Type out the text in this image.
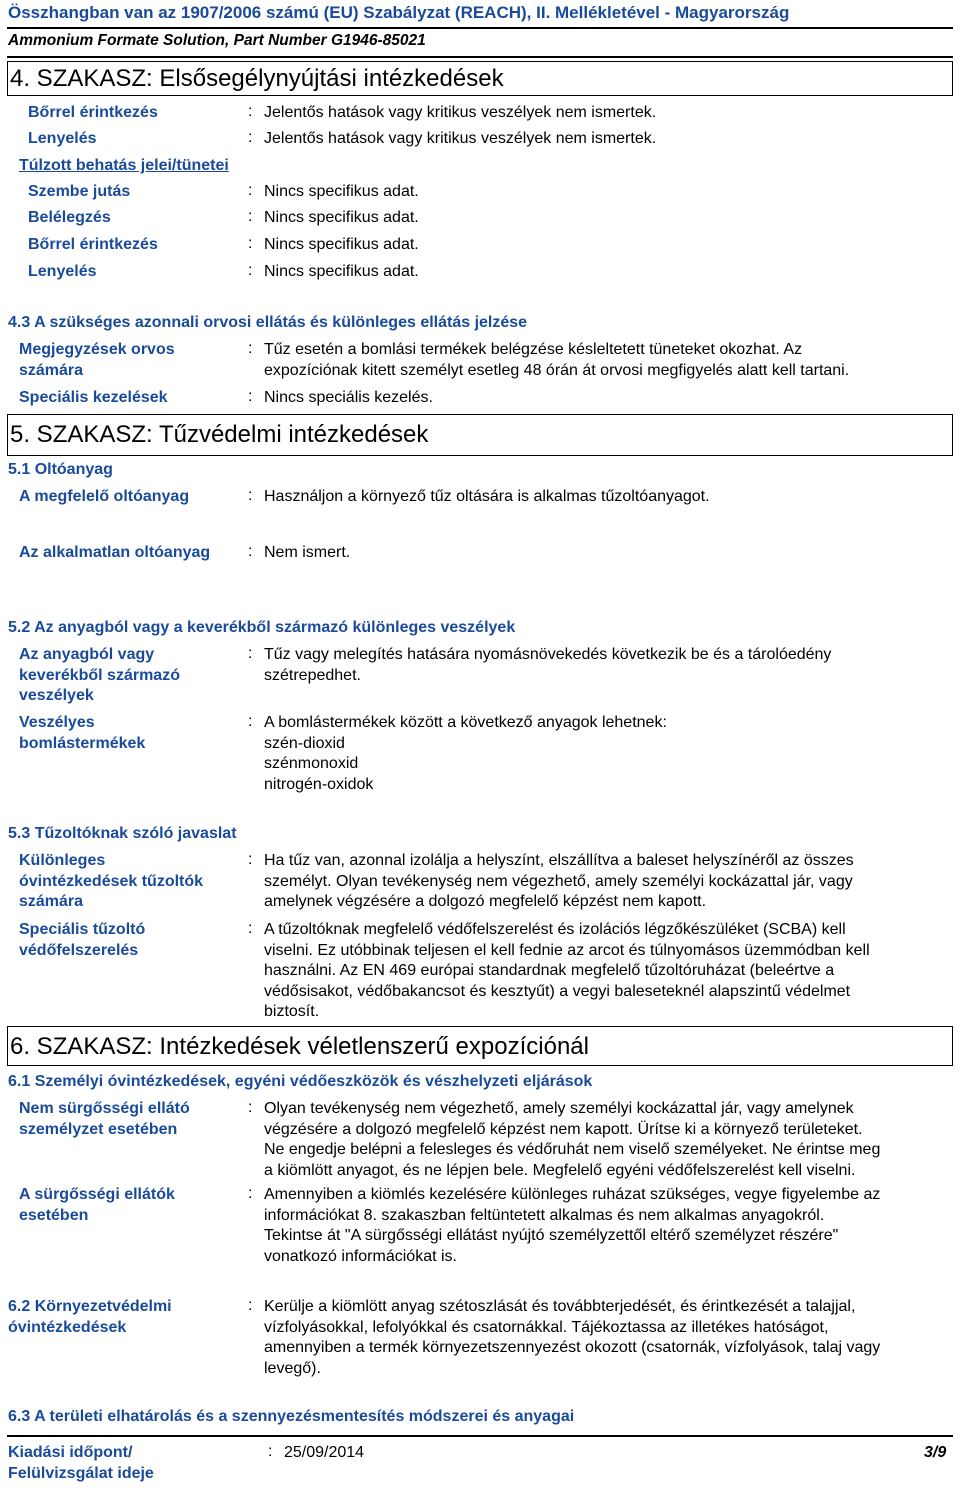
Összhangban van az 1907/2006 számú (EU) Szabályzat (REACH), II. Mellékletével - Magyarország
Ammonium Formate Solution, Part Number G1946-85021
4. SZAKASZ: Elsősegélynyújtási intézkedések
Bőrrel érintkezés	: Jelentős hatások vagy kritikus veszélyek nem ismertek.
Lenyelés	: Jelentős hatások vagy kritikus veszélyek nem ismertek.
Túlzott behatás jelei/tünetei
Szembe jutás	: Nincs specifikus adat.
Belélegzés	: Nincs specifikus adat.
Bőrrel érintkezés	: Nincs specifikus adat.
Lenyelés	: Nincs specifikus adat.
4.3 A szükséges azonnali orvosi ellátás és különleges ellátás jelzése
Megjegyzések orvos
számára
: Tűz esetén a bomlási termékek belégzése késleltetett tüneteket okozhat. Az
expozíciónak kitett személyt esetleg 48 órán át orvosi megfigyelés alatt kell tartani.
Speciális kezelések	: Nincs speciális kezelés.
5. SZAKASZ: Tűzvédelmi intézkedések
5.1 Oltóanyag
A megfelelő oltóanyag	: Használjon a környező tűz oltására is alkalmas tűzoltóanyagot.
Az alkalmatlan oltóanyag : Nem ismert.
5.2 Az anyagból vagy a keverékből származó különleges veszélyek
Az anyagból vagy
keverékből származó
veszélyek
: Tűz vagy melegítés hatására nyomásnövekedés következik be és a tárolóedény
szétrepedhet.
Veszélyes
bomlástermékek
: A bomlástermékek között a következő anyagok lehetnek:
szén-dioxid
szénmonoxid
nitrogén-oxidok
5.3 Tűzoltóknak szóló javaslat
Különleges
óvintézkedések tűzoltók
számára
: Ha tűz van, azonnal izolálja a helyszínt, elszállítva a baleset helyszínéről az összes
személyt. Olyan tevékenység nem végezhető, amely személyi kockázattal jár, vagy
amelynek végzésére a dolgozó megfelelő képzést nem kapott.
Speciális tűzoltó
védőfelszerelés
: A tűzoltóknak megfelelő védőfelszerelést és izolációs légzőkészüléket (SCBA) kell
viselni. Ez utóbbinak teljesen el kell fednie az arcot és túlnyomásos üzemmódban kell
használni. Az EN 469 európai standardnak megfelelő tűzoltóruházat (beleértve a
védősisakot, védőbakancsot és kesztyűt) a vegyi baleseteknél alapszintű védelmet
biztosít.
6. SZAKASZ: Intézkedések véletlenszerű expozíciónál
6.1 Személyi óvintézkedések, egyéni védőeszközök és vészhelyzeti eljárások
Nem sürgősségi ellátó
személyzet esetében
: Olyan tevékenység nem végezhető, amely személyi kockázattal jár, vagy amelynek
végzésére a dolgozó megfelelő képzést nem kapott. Ürítse ki a környező területeket.
Ne engedje belépni a felesleges és védőruhát nem viselő személyeket. Ne érintse meg
a kiömlött anyagot, és ne lépjen bele. Megfelelő egyéni védőfelszerelést kell viselni.
A sürgősségi ellátók
esetében
: Amennyiben a kiömlés kezelésére különleges ruházat szükséges, vegye figyelembe az
információkat 8. szakaszban feltüntetett alkalmas és nem alkalmas anyagokról.
Tekintse át "A sürgősségi ellátást nyújtó személyzettől eltérő személyzet részére"
vonatkozó információkat is.
6.2 Környezetvédelmi
óvintézkedések
: Kerülje a kiömlött anyag szétoszlását és továbbterjedését, és érintkezését a talajjal,
vízfolyásokkal, lefolyókkal és csatornákkal. Tájékoztassa az illetékes hatóságot,
amennyiben a termék környezetszennyezést okozott (csatornák, vízfolyások, talaj vagy
levegő).
6.3 A területi elhatárolás és a szennyezésmentesítés módszerei és anyagai
Kiadási időpont/
Felülvizsgálat ideje
: 25/09/2014	3/9
